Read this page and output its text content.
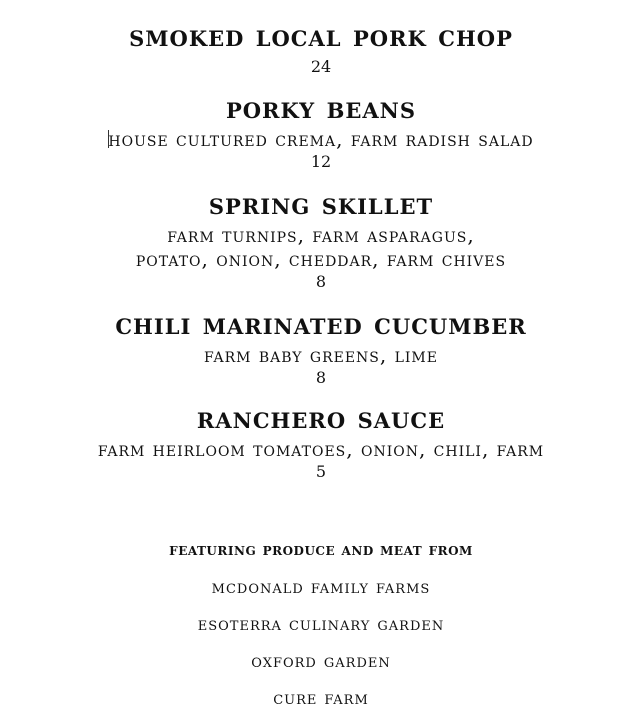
smoked local pork chop
24
porky beans
house cultured crema, farm radish salad
12
spring skillet
farm turnips, farm asparagus,
potato, onion, cheddar, farm chives
8
chili marinated cucumber
farm baby greens, lime
8
ranchero sauce
farm heirloom tomatoes, onion, chili, farm
5
featuring produce and meat from
mcdonald family farms
esoterra culinary garden
oxford garden
cure farm
